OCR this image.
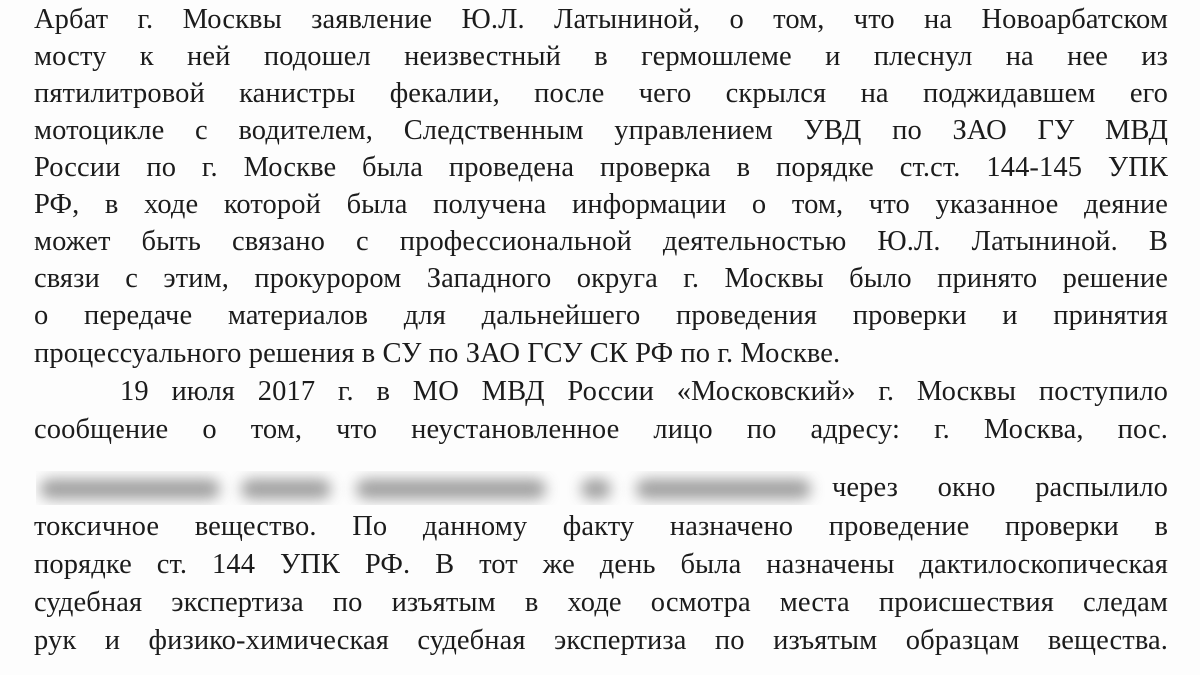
Арбат г. Москвы заявление Ю.Л. Латыниной, о том, что на Новоарбатском
мосту к ней подошел неизвестный в гермошлеме и плеснул на нее из
пятилитровой канистры фекалии, после чего скрылся на поджидавшем его
мотоцикле с водителем, Следственным управлением УВД по ЗАО ГУ МВД
России по г. Москве была проведена проверка в порядке ст.ст. 144-145 УПК
РФ, в ходе которой была получена информации о том, что указанное деяние
может быть связано с профессиональной деятельностью Ю.Л. Латыниной. В
связи с этим, прокурором Западного округа г. Москвы было принято решение
о передаче материалов для дальнейшего проведения проверки и принятия
процессуального решения в СУ по ЗАО ГСУ СК РФ по г. Москве.
19 июля 2017 г. в МО МВД России «Московский» г. Москвы поступило
сообщение о том, что неустановленное лицо по адресу: г. Москва, пос.
через окно распылило
токсичное вещество. По данному факту назначено проведение проверки в
порядке ст. 144 УПК РФ. В тот же день была назначены дактилоскопическая
судебная экспертиза по изъятым в ходе осмотра места происшествия следам
рук и физико-химическая судебная экспертиза по изъятым образцам вещества.
